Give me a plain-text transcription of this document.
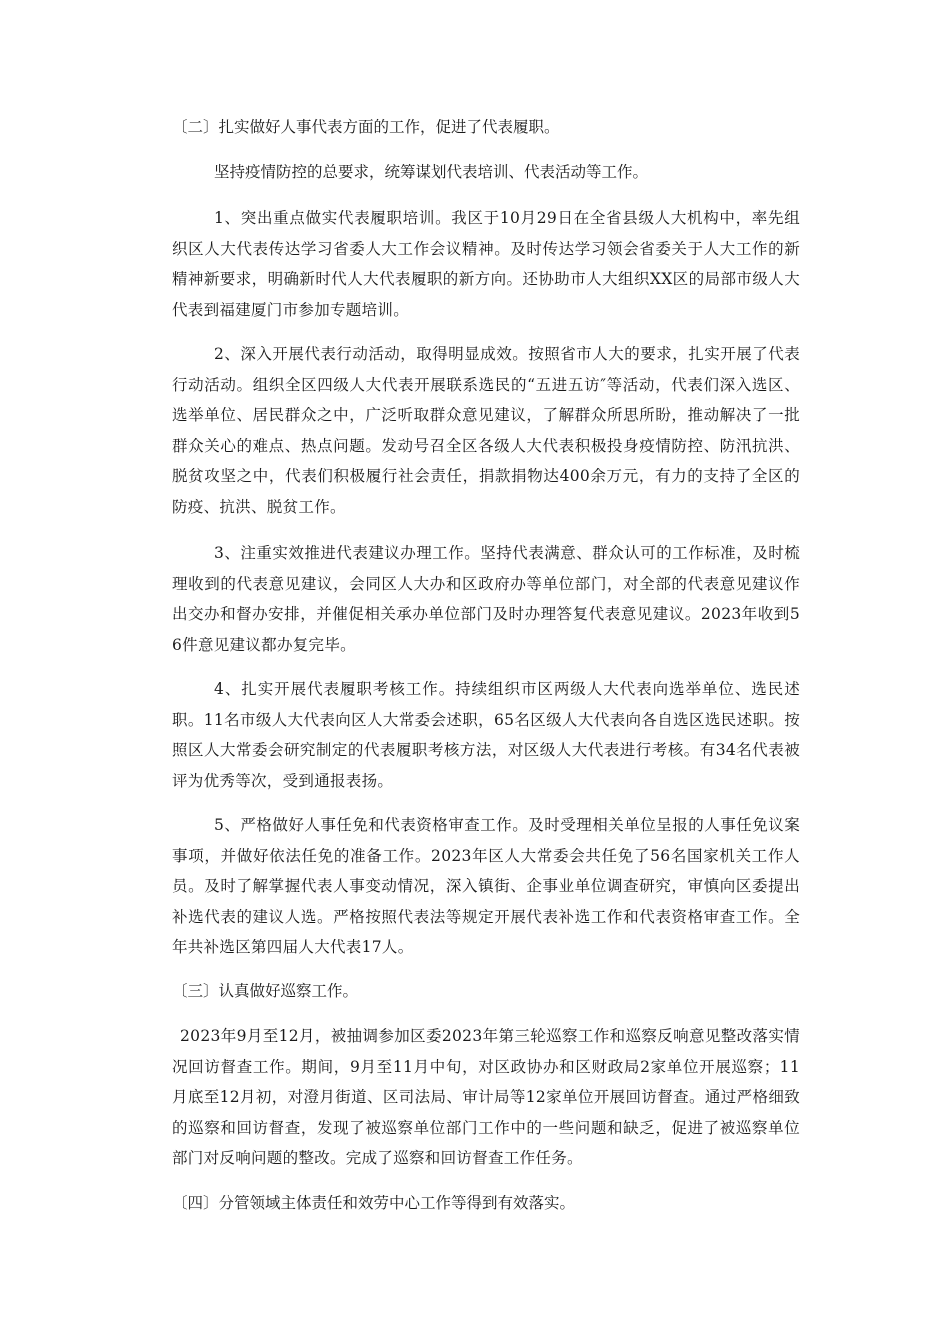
〔二〕扎实做好人事代表方面的工作，促进了代表履职。
坚持疫情防控的总要求，统筹谋划代表培训、代表活动等工作。
1、突出重点做实代表履职培训。我区于10月29日在全省县级人大机构中，率先组织区人大代表传达学习省委人大工作会议精神。及时传达学习领会省委关于人大工作的新精神新要求，明确新时代人大代表履职的新方向。还协助市人大组织XX区的局部市级人大代表到福建厦门市参加专题培训。
2、深入开展代表行动活动，取得明显成效。按照省市人大的要求，扎实开展了代表行动活动。组织全区四级人大代表开展联系选民的“五进五访″等活动，代表们深入选区、选举单位、居民群众之中，广泛听取群众意见建议，了解群众所思所盼，推动解决了一批群众关心的难点、热点问题。发动号召全区各级人大代表积极投身疫情防控、防汛抗洪、脱贫攻坚之中，代表们积极履行社会责任，捐款捐物达400余万元，有力的支持了全区的防疫、抗洪、脱贫工作。
3、注重实效推进代表建议办理工作。坚持代表满意、群众认可的工作标准，及时梳理收到的代表意见建议，会同区人大办和区政府办等单位部门，对全部的代表意见建议作出交办和督办安排，并催促相关承办单位部门及时办理答复代表意见建议。2023年收到56件意见建议都办复完毕。
4、扎实开展代表履职考核工作。持续组织市区两级人大代表向选举单位、选民述职。11名市级人大代表向区人大常委会述职，65名区级人大代表向各自选区选民述职。按照区人大常委会研究制定的代表履职考核方法，对区级人大代表进行考核。有34名代表被评为优秀等次，受到通报表扬。
5、严格做好人事任免和代表资格审查工作。及时受理相关单位呈报的人事任免议案事项，并做好依法任免的准备工作。2023年区人大常委会共任免了56名国家机关工作人员。及时了解掌握代表人事变动情况，深入镇街、企事业单位调查研究，审慎向区委提出补选代表的建议人选。严格按照代表法等规定开展代表补选工作和代表资格审查工作。全年共补选区第四届人大代表17人。
〔三〕认真做好巡察工作。
2023年9月至12月，被抽调参加区委2023年第三轮巡察工作和巡察反响意见整改落实情况回访督查工作。期间，9月至11月中旬，对区政协办和区财政局2家单位开展巡察；11月底至12月初，对澄月街道、区司法局、审计局等12家单位开展回访督查。通过严格细致的巡察和回访督查，发现了被巡察单位部门工作中的一些问题和缺乏，促进了被巡察单位部门对反响问题的整改。完成了巡察和回访督查工作任务。
〔四〕分管领域主体责任和效劳中心工作等得到有效落实。
